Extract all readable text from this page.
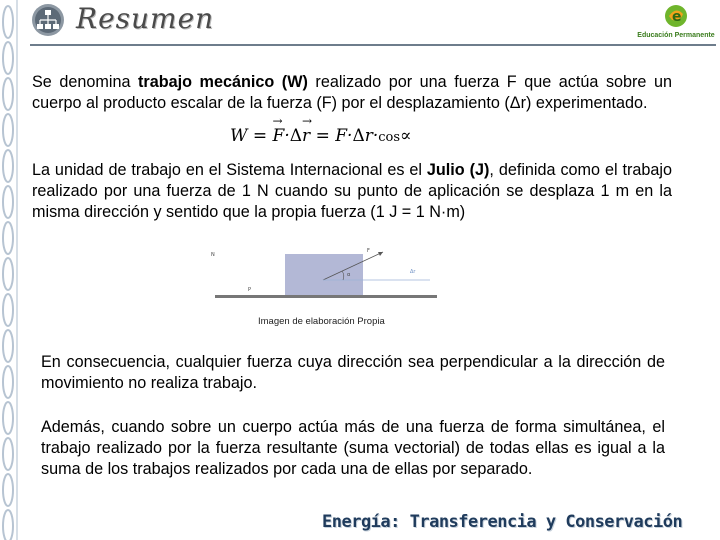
Resumen	e
Educación Permanente
Se denomina trabajo mecánico (W) realizado por una fuerza F que actúa sobre un cuerpo al producto escalar de la fuerza (F) por el desplazamiento (Δr) experimentado.
W =
→
F·Δ
→
r = F·Δr·cos∝
La unidad de trabajo en el Sistema Internacional es el Julio (J), definida como el trabajo realizado por una fuerza de 1 N cuando su punto de aplicación se desplaza 1 m en la misma dirección y sentido que la propia fuerza (1 J = 1 N·m)
N
F
P
Δr
α
Imagen de elaboración Propia
En consecuencia, cualquier fuerza cuya dirección sea perpendicular a la dirección de movimiento no realiza trabajo.
Además, cuando sobre un cuerpo actúa más de una fuerza de forma simultánea, el trabajo realizado por la fuerza resultante (suma vectorial) de todas ellas es igual a la suma de los trabajos realizados por cada una de ellas por separado.
Energía: Transferencia y Conservación
